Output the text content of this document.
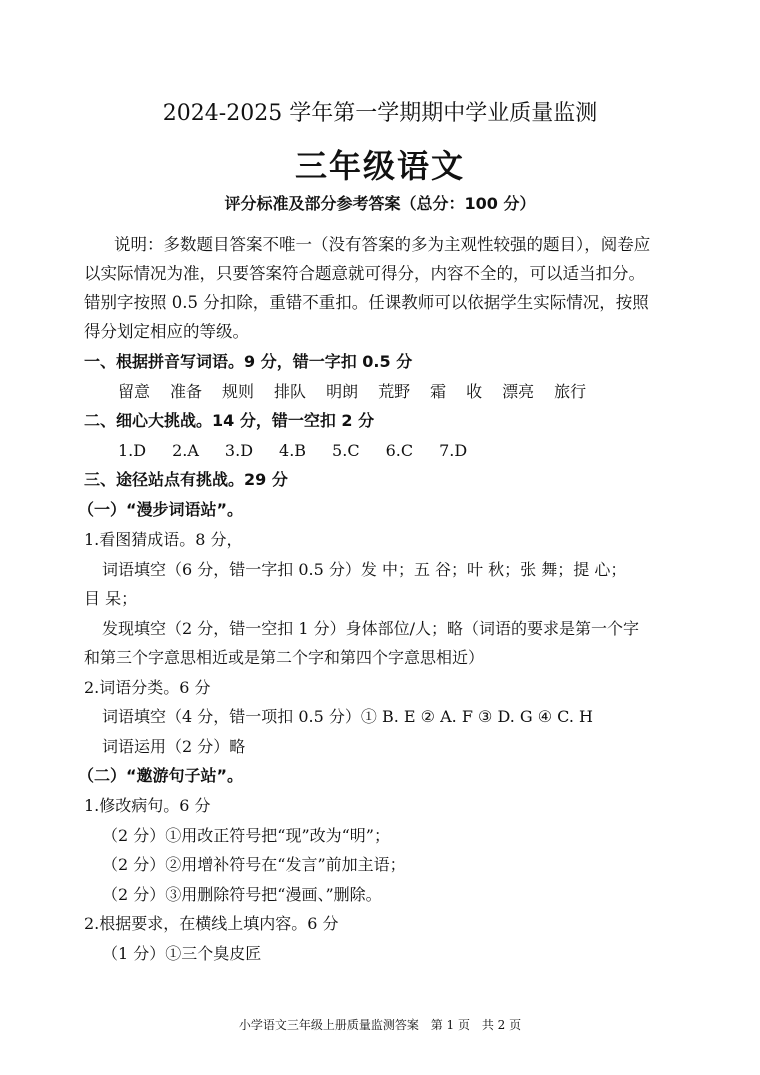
2024-2025 学年第一学期期中学业质量监测
三年级语文
评分标准及部分参考答案（总分：100 分）

说明：多数题目答案不唯一（没有答案的多为主观性较强的题目），阅卷应

以实际情况为准，只要答案符合题意就可得分，内容不全的，可以适当扣分。
错别字按照 0.5 分扣除，重错不重扣。任课教师可以依据学生实际情况，按照
得分划定相应的等级。
一、根据拼音写词语。9 分，错一字扣 0.5 分
留意 准备 规则 排队 明朗 荒野 霜 收 漂亮 旅行
二、细心大挑战。14 分，错一空扣 2 分
1.D 2.A 3.D 4.B 5.C 6.C 7.D
三、途径站点有挑战。29 分
（一）“漫步词语站”。
1.看图猜成语。8 分，
词语填空（6 分，错一字扣 0.5 分）发 中；五 谷；叶 秋；张 舞；提 心；
目 呆；
发现填空（2 分，错一空扣 1 分）身体部位/人；略（词语的要求是第一个字
和第三个字意思相近或是第二个字和第四个字意思相近）
2.词语分类。6 分
词语填空（4 分，错一项扣 0.5 分）① B. E ② A. F ③ D. G ④ C. H
词语运用（2 分）略
（二）“邀游句子站”。
1.修改病句。6 分
（2 分）①用改正符号把“现”改为“明”；
（2 分）②用增补符号在“发言”前加主语；
（2 分）③用删除符号把“漫画、”删除。
2.根据要求，在横线上填内容。6 分
（1 分）①三个臭皮匠
小学语文三年级上册质量监测答案 第 1 页 共 2 页
